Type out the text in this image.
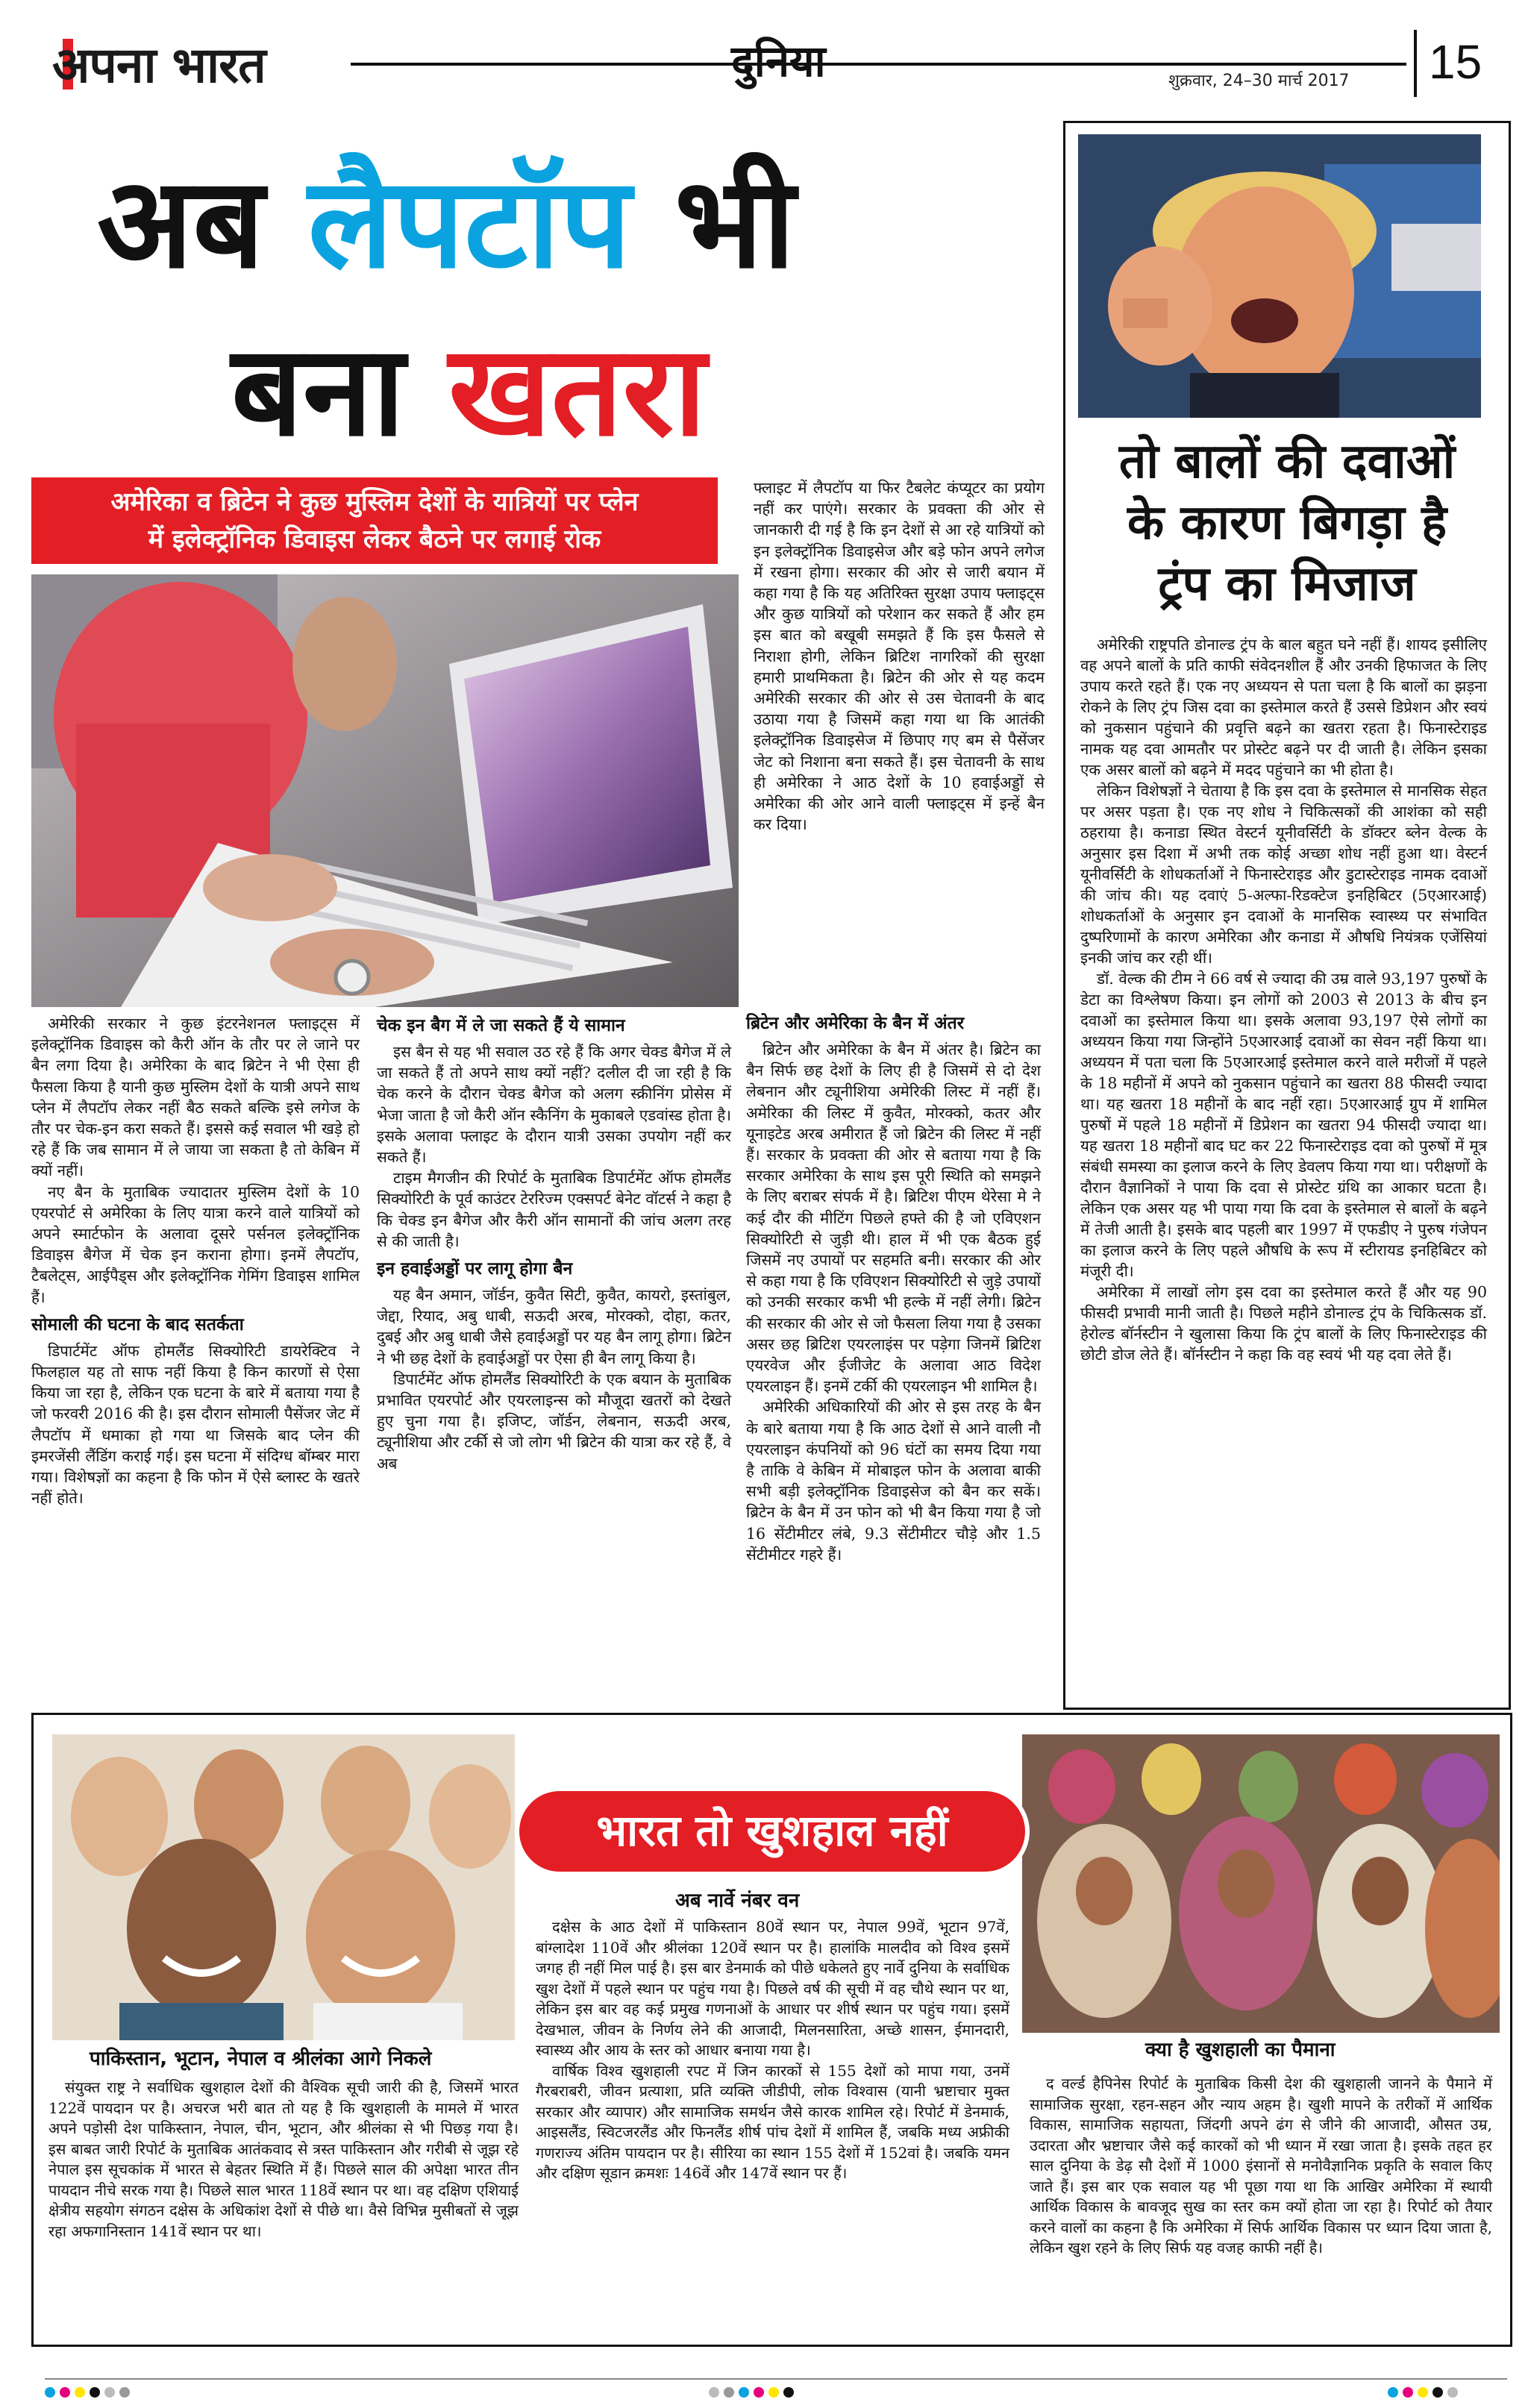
अपना भारत	दुनिया	शुक्रवार, 24–30 मार्च 2017 15
अब लैपटॉप भी
बना खतरा
अमेरिका व ब्रिटेन ने कुछ मुस्लिम देशों के यात्रियों पर प्लेन
में इलेक्ट्रॉनिक डिवाइस लेकर बैठने पर लगाई रोक

अमेरिकी सरकार ने कुछ इंटरनेशनल फ्लाइट्स में इलेक्ट्रॉनिक डिवाइस को कैरी ऑन के तौर पर ले जाने पर बैन लगा दिया है। अमेरिका के बाद ब्रिटेन ने भी ऐसा ही फैसला किया है यानी कुछ मुस्लिम देशों के यात्री अपने साथ प्लेन में लैपटॉप लेकर नहीं बैठ सकते बल्कि इसे लगेज के तौर पर चेक-इन करा सकते हैं। इससे कई सवाल भी खड़े हो रहे हैं कि जब सामान में ले जाया जा सकता है तो केबिन में क्यों नहीं।

नए बैन के मुताबिक ज्यादातर मुस्लिम देशों के 10 एयरपोर्ट से अमेरिका के लिए यात्रा करने वाले यात्रियों को अपने स्मार्टफोन के अलावा दूसरे पर्सनल इलेक्ट्रॉनिक डिवाइस बैगेज में चेक इन कराना होगा। इनमें लैपटॉप, टैबलेट्स, आईपैड्स और इलेक्ट्रॉनिक गेमिंग डिवाइस शामिल हैं।

सोमाली की घटना के बाद सतर्कता

डिपार्टमेंट ऑफ होमलैंड सिक्योरिटी डायरेक्टिव ने फिलहाल यह तो साफ नहीं किया है किन कारणों से ऐसा किया जा रहा है, लेकिन एक घटना के बारे में बताया गया है जो फरवरी 2016 की है। इस दौरान सोमाली पैसेंजर जेट में लैपटॉप में धमाका हो गया था जिसके बाद प्लेन की इमरजेंसी लैंडिंग कराई गई। इस घटना में संदिग्ध बॉम्बर मारा गया। विशेषज्ञों का कहना है कि फोन में ऐसे ब्लास्ट के खतरे नहीं होते।

चेक इन बैग में ले जा सकते हैं ये सामान

इस बैन से यह भी सवाल उठ रहे हैं कि अगर चेक्ड बैगेज में ले जा सकते हैं तो अपने साथ क्यों नहीं? दलील दी जा रही है कि चेक करने के दौरान चेक्ड बैगेज को अलग स्क्रीनिंग प्रोसेस में भेजा जाता है जो कैरी ऑन स्कैनिंग के मुकाबले एडवांस्ड होता है। इसके अलावा फ्लाइट के दौरान यात्री उसका उपयोग नहीं कर सकते हैं।

टाइम मैगजीन की रिपोर्ट के मुताबिक डिपार्टमेंट ऑफ होमलैंड सिक्योरिटी के पूर्व काउंटर टेररिज्म एक्सपर्ट बेनेट वॉटर्स ने कहा है कि चेक्ड इन बैगेज और कैरी ऑन सामानों की जांच अलग तरह से की जाती है।

इन हवाईअड्डों पर लागू होगा बैन

यह बैन अमान, जॉर्डन, कुवैत सिटी, कुवैत, कायरो, इस्तांबुल, जेद्दा, रियाद, अबु धाबी, सऊदी अरब, मोरक्को, दोहा, कतर, दुबई और अबु धाबी जैसे हवाईअड्डों पर यह बैन लागू होगा। ब्रिटेन ने भी छह देशों के हवाईअड्डों पर ऐसा ही बैन लागू किया है।

डिपार्टमेंट ऑफ होमलैंड सिक्योरिटी के एक बयान के मुताबिक प्रभावित एयरपोर्ट और एयरलाइन्स को मौजूदा खतरों को देखते हुए चुना गया है। इजिप्ट, जॉर्डन, लेबनान, सऊदी अरब, ट्यूनीशिया और टर्की से जो लोग भी ब्रिटेन की यात्रा कर रहे हैं, वे अब

फ्लाइट में लैपटॉप या फिर टैबलेट कंप्यूटर का प्रयोग नहीं कर पाएंगे। सरकार के प्रवक्ता की ओर से जानकारी दी गई है कि इन देशों से आ रहे यात्रियों को इन इलेक्ट्रॉनिक डिवाइसेज और बड़े फोन अपने लगेज में रखना होगा। सरकार की ओर से जारी बयान में कहा गया है कि यह अतिरिक्त सुरक्षा उपाय फ्लाइट्स और कुछ यात्रियों को परेशान कर सकते हैं और हम इस बात को बखूबी समझते हैं कि इस फैसले से निराशा होगी, लेकिन ब्रिटिश नागरिकों की सुरक्षा हमारी प्राथमिकता है। ब्रिटेन की ओर से यह कदम अमेरिकी सरकार की ओर से उस चेतावनी के बाद उठाया गया है जिसमें कहा गया था कि आतंकी इलेक्ट्रॉनिक डिवाइसेज में छिपाए गए बम से पैसेंजर जेट को निशाना बना सकते हैं। इस चेतावनी के साथ ही अमेरिका ने आठ देशों के 10 हवाईअड्डों से अमेरिका की ओर आने वाली फ्लाइट्स में इन्हें बैन कर दिया।

ब्रिटेन और अमेरिका के बैन में अंतर

ब्रिटेन और अमेरिका के बैन में अंतर है। ब्रिटेन का बैन सिर्फ छह देशों के लिए ही है जिसमें से दो देश लेबनान और ट्यूनीशिया अमेरिकी लिस्ट में नहीं हैं। अमेरिका की लिस्ट में कुवैत, मोरक्को, कतर और यूनाइटेड अरब अमीरात हैं जो ब्रिटेन की लिस्ट में नहीं हैं। सरकार के प्रवक्ता की ओर से बताया गया है कि सरकार अमेरिका के साथ इस पूरी स्थिति को समझने के लिए बराबर संपर्क में है। ब्रिटिश पीएम थेरेसा मे ने कई दौर की मीटिंग पिछले हफ्ते की है जो एविएशन सिक्योरिटी से जुड़ी थी। हाल में भी एक बैठक हुई जिसमें नए उपायों पर सहमति बनी। सरकार की ओर से कहा गया है कि एविएशन सिक्योरिटी से जुड़े उपायों को उनकी सरकार कभी भी हल्के में नहीं लेगी। ब्रिटेन की सरकार की ओर से जो फैसला लिया गया है उसका असर छह ब्रिटिश एयरलाइंस पर पड़ेगा जिनमें ब्रिटिश एयरवेज और ईजीजेट के अलावा आठ विदेश एयरलाइन हैं। इनमें टर्की की एयरलाइन भी शामिल है।

अमेरिकी अधिकारियों की ओर से इस तरह के बैन के बारे बताया गया है कि आठ देशों से आने वाली नौ एयरलाइन कंपनियों को 96 घंटों का समय दिया गया है ताकि वे केबिन में मोबाइल फोन के अलावा बाकी सभी बड़ी इलेक्ट्रॉनिक डिवाइसेज को बैन कर सकें। ब्रिटेन के बैन में उन फोन को भी बैन किया गया है जो 16 सेंटीमीटर लंबे, 9.3 सेंटीमीटर चौड़े और 1.5 सेंटीमीटर गहरे हैं।

तो बालों की दवाओं
के कारण बिगड़ा है
ट्रंप का मिजाज

अमेरिकी राष्ट्रपति डोनाल्ड ट्रंप के बाल बहुत घने नहीं हैं। शायद इसीलिए वह अपने बालों के प्रति काफी संवेदनशील हैं और उनकी हिफाजत के लिए उपाय करते रहते हैं। एक नए अध्ययन से पता चला है कि बालों का झड़ना रोकने के लिए ट्रंप जिस दवा का इस्तेमाल करते हैं उससे डिप्रेशन और स्वयं को नुकसान पहुंचाने की प्रवृत्ति बढ़ने का खतरा रहता है। फिनास्टेराइड नामक यह दवा आमतौर पर प्रोस्टेट बढ़ने पर दी जाती है। लेकिन इसका एक असर बालों को बढ़ने में मदद पहुंचाने का भी होता है।

लेकिन विशेषज्ञों ने चेताया है कि इस दवा के इस्तेमाल से मानसिक सेहत पर असर पड़ता है। एक नए शोध ने चिकित्सकों की आशंका को सही ठहराया है। कनाडा स्थित वेस्टर्न यूनीवर्सिटी के डॉक्टर ब्लेन वेल्क के अनुसार इस दिशा में अभी तक कोई अच्छा शोध नहीं हुआ था। वेस्टर्न यूनीवर्सिटी के शोधकर्ताओं ने फिनास्टेराइड और डुटास्टेराइड नामक दवाओं की जांच की। यह दवाएं 5-अल्फा-रिडक्टेज इनहिबिटर (5एआरआई) शोधकर्ताओं के अनुसार इन दवाओं के मानसिक स्वास्थ्य पर संभावित दुष्परिणामों के कारण अमेरिका और कनाडा में औषधि नियंत्रक एजेंसियां इनकी जांच कर रही थीं।

डॉ. वेल्क की टीम ने 66 वर्ष से ज्यादा की उम्र वाले 93,197 पुरुषों के डेटा का विश्लेषण किया। इन लोगों को 2003 से 2013 के बीच इन दवाओं का इस्तेमाल किया था। इसके अलावा 93,197 ऐसे लोगों का अध्ययन किया गया जिन्होंने 5एआरआई दवाओं का सेवन नहीं किया था। अध्ययन में पता चला कि 5एआरआई इस्तेमाल करने वाले मरीजों में पहले के 18 महीनों में अपने को नुकसान पहुंचाने का खतरा 88 फीसदी ज्यादा था। यह खतरा 18 महीनों के बाद नहीं रहा। 5एआरआई ग्रुप में शामिल पुरुषों में पहले 18 महीनों में डिप्रेशन का खतरा 94 फीसदी ज्यादा था। यह खतरा 18 महीनों बाद घट कर 22 फिनास्टेराइड दवा को पुरुषों में मूत्र संबंधी समस्या का इलाज करने के लिए डेवलप किया गया था। परीक्षणों के दौरान वैज्ञानिकों ने पाया कि दवा से प्रोस्टेट ग्रंथि का आकार घटता है। लेकिन एक असर यह भी पाया गया कि दवा के इस्तेमाल से बालों के बढ़ने में तेजी आती है। इसके बाद पहली बार 1997 में एफडीए ने पुरुष गंजेपन का इलाज करने के लिए पहले औषधि के रूप में स्टीरायड इनहिबिटर को मंजूरी दी।

अमेरिका में लाखों लोग इस दवा का इस्तेमाल करते हैं और यह 90 फीसदी प्रभावी मानी जाती है। पिछले महीने डोनाल्ड ट्रंप के चिकित्सक डॉ. हेरोल्ड बॉर्नस्टीन ने खुलासा किया कि ट्रंप बालों के लिए फिनास्टेराइड की छोटी डोज लेते हैं। बॉर्नस्टीन ने कहा कि वह स्वयं भी यह दवा लेते हैं।

भारत तो खुशहाल नहीं
पाकिस्तान, भूटान, नेपाल व श्रीलंका आगे निकले

संयुक्त राष्ट्र ने सर्वाधिक खुशहाल देशों की वैश्विक सूची जारी की है, जिसमें भारत 122वें पायदान पर है। अचरज भरी बात तो यह है कि खुशहाली के मामले में भारत अपने पड़ोसी देश पाकिस्तान, नेपाल, चीन, भूटान, और श्रीलंका से भी पिछड़ गया है। इस बाबत जारी रिपोर्ट के मुताबिक आतंकवाद से त्रस्त पाकिस्तान और गरीबी से जूझ रहे नेपाल इस सूचकांक में भारत से बेहतर स्थिति में हैं। पिछले साल की अपेक्षा भारत तीन पायदान नीचे सरक गया है। पिछले साल भारत 118वें स्थान पर था। वह दक्षिण एशियाई क्षेत्रीय सहयोग संगठन दक्षेस के अधिकांश देशों से पीछे था। वैसे विभिन्न मुसीबतों से जूझ रहा अफगानिस्तान 141वें स्थान पर था।

अब नार्वे नंबर वन

दक्षेस के आठ देशों में पाकिस्तान 80वें स्थान पर, नेपाल 99वें, भूटान 97वें, बांग्लादेश 110वें और श्रीलंका 120वें स्थान पर है। हालांकि मालदीव को विश्व इसमें जगह ही नहीं मिल पाई है। इस बार डेनमार्क को पीछे धकेलते हुए नार्वे दुनिया के सर्वाधिक खुश देशों में पहले स्थान पर पहुंच गया है। पिछले वर्ष की सूची में वह चौथे स्थान पर था, लेकिन इस बार वह कई प्रमुख गणनाओं के आधार पर शीर्ष स्थान पर पहुंच गया। इसमें देखभाल, जीवन के निर्णय लेने की आजादी, मिलनसारिता, अच्छे शासन, ईमानदारी, स्वास्थ्य और आय के स्तर को आधार बनाया गया है।

वार्षिक विश्व खुशहाली रपट में जिन कारकों से 155 देशों को मापा गया, उनमें गैरबराबरी, जीवन प्रत्याशा, प्रति व्यक्ति जीडीपी, लोक विश्वास (यानी भ्रष्टाचार मुक्त सरकार और व्यापार) और सामाजिक समर्थन जैसे कारक शामिल रहे। रिपोर्ट में डेनमार्क, आइसलैंड, स्विटजरलैंड और फिनलैंड शीर्ष पांच देशों में शामिल हैं, जबकि मध्य अफ्रीकी गणराज्य अंतिम पायदान पर है। सीरिया का स्थान 155 देशों में 152वां है। जबकि यमन और दक्षिण सूडान क्रमशः 146वें और 147वें स्थान पर हैं।

क्या है खुशहाली का पैमाना

द वर्ल्ड हैपिनेस रिपोर्ट के मुताबिक किसी देश की खुशहाली जानने के पैमाने में सामाजिक सुरक्षा, रहन-सहन और न्याय अहम है। खुशी मापने के तरीकों में आर्थिक विकास, सामाजिक सहायता, जिंदगी अपने ढंग से जीने की आजादी, औसत उम्र, उदारता और भ्रष्टाचार जैसे कई कारकों को भी ध्यान में रखा जाता है। इसके तहत हर साल दुनिया के डेढ़ सौ देशों में 1000 इंसानों से मनोवैज्ञानिक प्रकृति के सवाल किए जाते हैं। इस बार एक सवाल यह भी पूछा गया था कि आखिर अमेरिका में स्थायी आर्थिक विकास के बावजूद सुख का स्तर कम क्यों होता जा रहा है। रिपोर्ट को तैयार करने वालों का कहना है कि अमेरिका में सिर्फ आर्थिक विकास पर ध्यान दिया जाता है, लेकिन खुश रहने के लिए सिर्फ यह वजह काफी नहीं है।
